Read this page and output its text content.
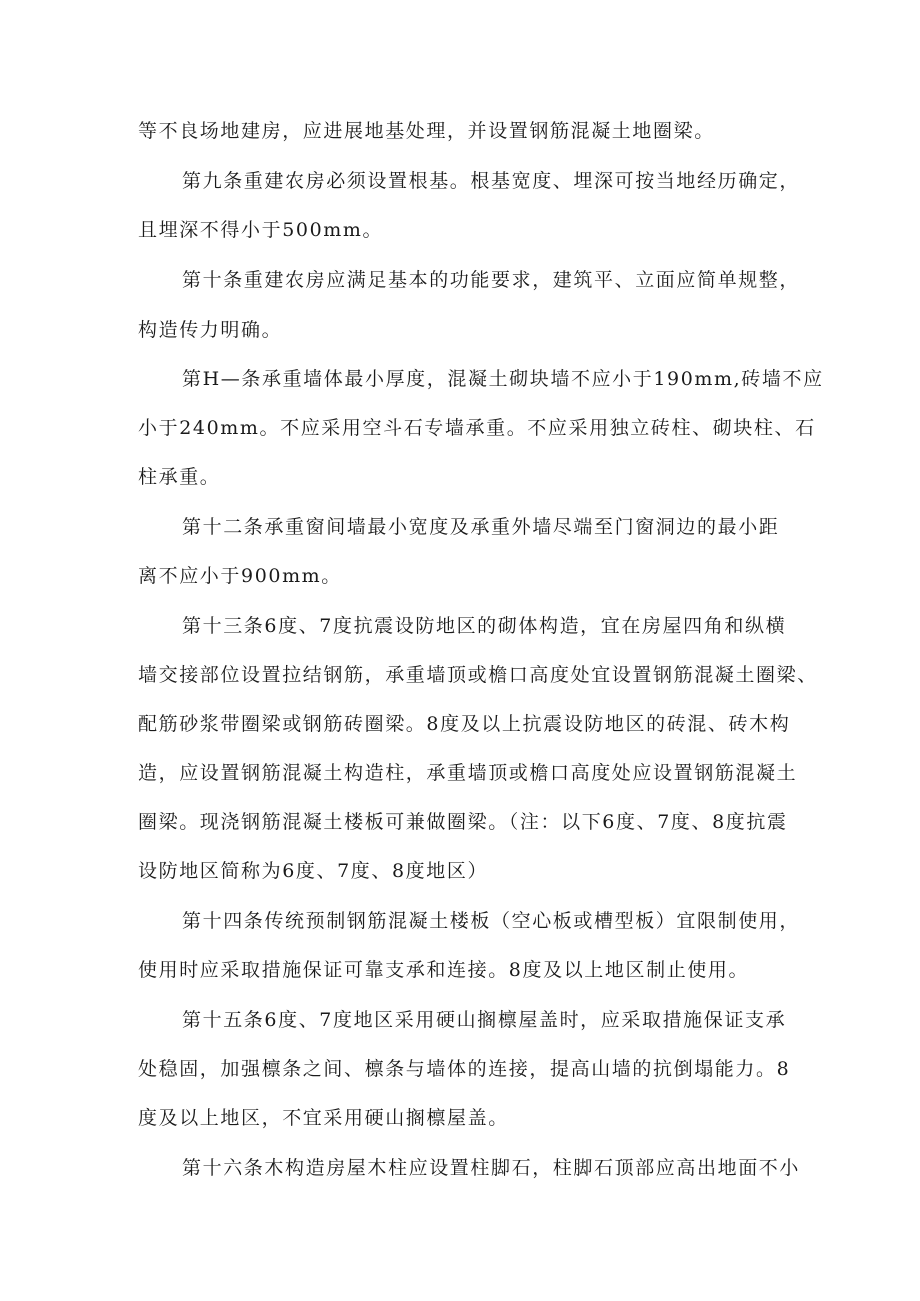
等不良场地建房，应进展地基处理，并设置钢筋混凝土地圈梁。
第九条重建农房必须设置根基。根基宽度、埋深可按当地经历确定，
且埋深不得小于500mm。
第十条重建农房应满足基本的功能要求，建筑平、立面应简单规整，
构造传力明确。
第H—条承重墙体最小厚度，混凝土砌块墙不应小于190mm,砖墙不应
小于240mm。不应采用空斗石专墙承重。不应采用独立砖柱、砌块柱、石
柱承重。
第十二条承重窗间墙最小宽度及承重外墙尽端至门窗洞边的最小距
离不应小于900mm。
第十三条6度、7度抗震设防地区的砌体构造，宜在房屋四角和纵横
墙交接部位设置拉结钢筋，承重墙顶或檐口高度处宜设置钢筋混凝土圈梁、
配筋砂浆带圈梁或钢筋砖圈梁。8度及以上抗震设防地区的砖混、砖木构
造，应设置钢筋混凝土构造柱，承重墙顶或檐口高度处应设置钢筋混凝土
圈梁。现浇钢筋混凝土楼板可兼做圈梁。（注：以下6度、7度、8度抗震
设防地区简称为6度、7度、8度地区）
第十四条传统预制钢筋混凝土楼板（空心板或槽型板）宜限制使用，
使用时应采取措施保证可靠支承和连接。8度及以上地区制止使用。
第十五条6度、7度地区采用硬山搁檩屋盖时，应采取措施保证支承
处稳固，加强檩条之间、檩条与墙体的连接，提高山墙的抗倒塌能力。8
度及以上地区，不宜采用硬山搁檩屋盖。
第十六条木构造房屋木柱应设置柱脚石，柱脚石顶部应高出地面不小
